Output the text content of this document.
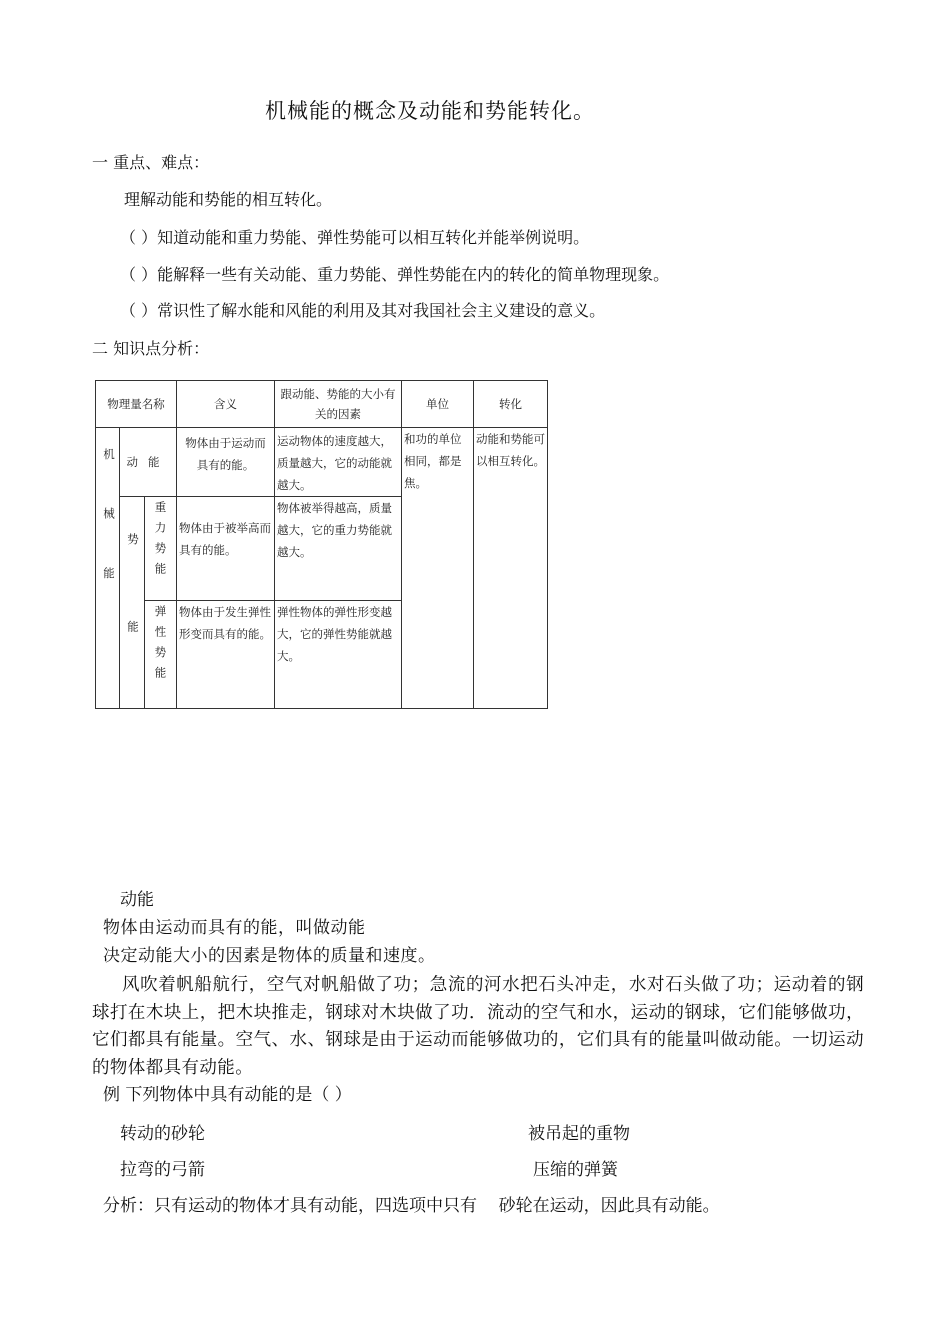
机械能的概念及动能和势能转化。
一 重点、难点：
理解动能和势能的相互转化。
（ ）知道动能和重力势能、弹性势能可以相互转化并能举例说明。
（ ）能解释一些有关动能、重力势能、弹性势能在内的转化的简单物理现象。
（ ）常识性了解水能和风能的利用及其对我国社会主义建设的意义。
二 知识点分析：
物理量名称			含义	跟动能、势能的大小有关的因素	单位	转化

机械能	动能		物体由于运动而具有的能。	运动物体的速度越大，质量越大，它的动能就越大。	和功的单位相同，都是焦。	动能和势能可以相互转化。

	势能	重力势能	物体由于被举高而具有的能。	物体被举得越高，质量越大，它的重力势能就越大。		

		弹性势能	物体由于发生弹性形变而具有的能。	弹性物体的弹性形变越大，它的弹性势能就越大。		
动能
物体由运动而具有的能，叫做动能
决定动能大小的因素是物体的质量和速度。
风吹着帆船航行，空气对帆船做了功；急流的河水把石头冲走，水对石头做了功；运动着的钢球打在木块上，把木块推走，钢球对木块做了功．流动的空气和水，运动的钢球，它们能够做功，它们都具有能量。空气、水、钢球是由于运动而能够做功的，它们具有的能量叫做动能。一切运动的物体都具有动能。
例 下列物体中具有动能的是（ ）
转动的砂轮	被吊起的重物
拉弯的弓箭	压缩的弹簧
分析：只有运动的物体才具有动能，四选项中只有    砂轮在运动，因此具有动能。
